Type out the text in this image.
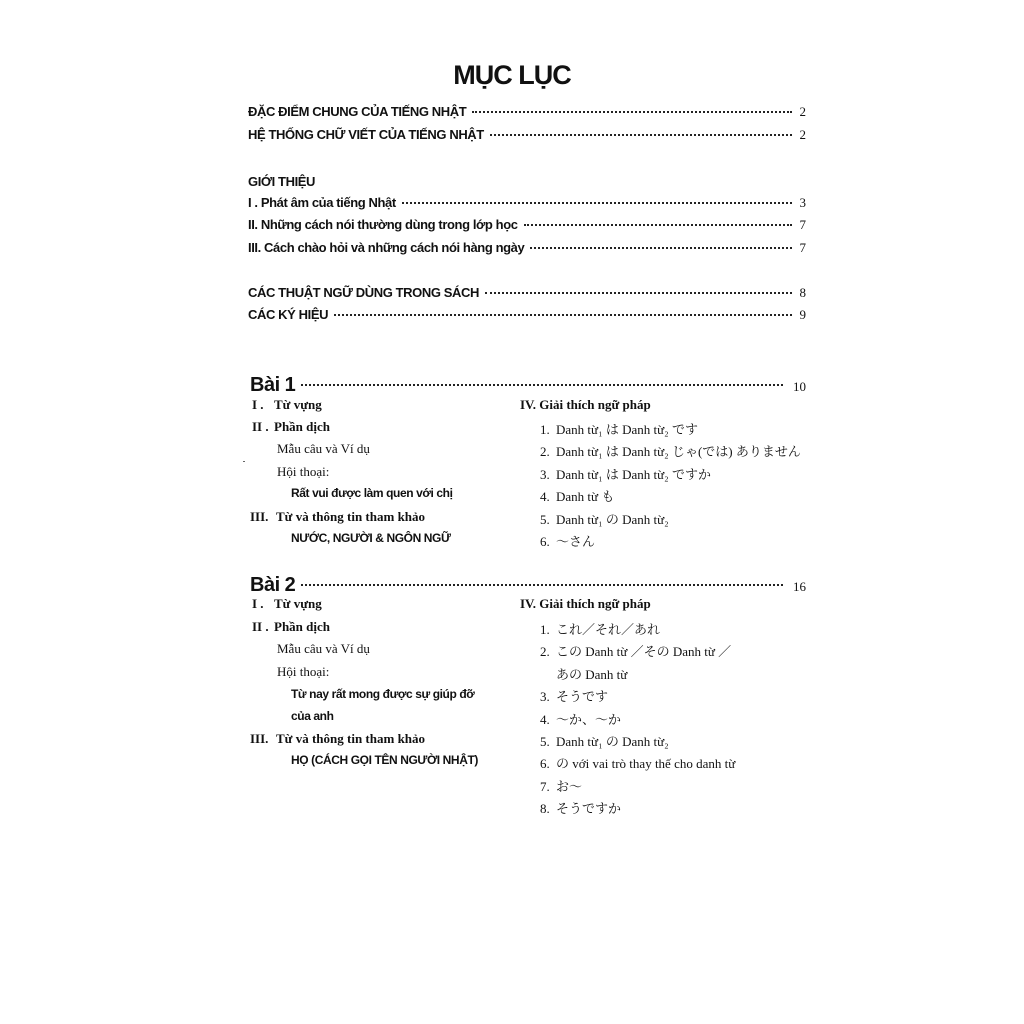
MỤC LỤC
ĐẶC ĐIỂM CHUNG CỦA TIẾNG NHẬT	2
HỆ THỐNG CHỮ VIẾT CỦA TIẾNG NHẬT	2
GIỚI THIỆU
I . Phát âm của tiếng Nhật	3
II. Những cách nói thường dùng trong lớp học	7
III. Cách chào hỏi và những cách nói hàng ngày	7
CÁC THUẬT NGỮ DÙNG TRONG SÁCH	8
CÁC KÝ HIỆU	9
Bài 1	10
I . Từ vựng
II . Phần dịch
Mẫu câu và Ví dụ
Hội thoại:
Rất vui được làm quen với chị
III. Từ và thông tin tham khảo
NƯỚC, NGƯỜI & NGÔN NGỮ
IV. Giải thích ngữ pháp
1. Danh từ₁ は Danh từ₂ です
2. Danh từ₁ は Danh từ₂ じゃ(では) ありません
3. Danh từ₁ は Danh từ₂ ですか
4. Danh từ も
5. Danh từ₁ の Danh từ₂
6. ～さん
Bài 2	16
I . Từ vựng
II . Phần dịch
Mẫu câu và Ví dụ
Hội thoại:
Từ nay rất mong được sự giúp đỡ
của anh
III. Từ và thông tin tham khảo
HỌ (CÁCH GỌI TÊN NGƯỜI NHẬT)
IV. Giải thích ngữ pháp
1. これ／それ／あれ
2. この Danh từ ／その Danh từ ／
あの Danh từ
3. そうです
4. ～か、～か
5. Danh từ₁ の Danh từ₂
6. の với vai trò thay thế cho danh từ
7. お～
8. そうですか
